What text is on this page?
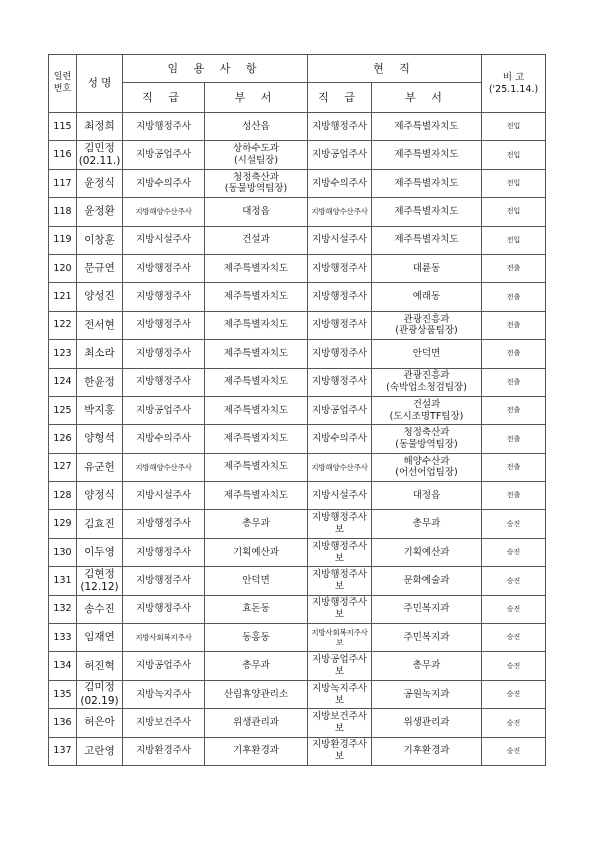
일련
번호	성 명	임 용 사 항		현 직		비 고
('25.1.14.)

		직 급	부 서	직 급	부 서	

115	최정희	지방행정주사	성산읍	지방행정주사	제주특별자치도	전입

116	김민정
(02.11.)	지방공업주사	상하수도과
(시설팀장)	지방공업주사	제주특별자치도	전입

117	윤정식	지방수의주사	청정축산과
(동물방역팀장)	지방수의주사	제주특별자치도	전입

118	윤정환	지방해양수산주사	대정읍	지방해양수산주사	제주특별자치도	전입

119	이창훈	지방시설주사	건설과	지방시설주사	제주특별자치도	전입

120	문규연	지방행정주사	제주특별자치도	지방행정주사	대륜동	전출

121	양성진	지방행정주사	제주특별자치도	지방행정주사	예래동	전출

122	전서현	지방행정주사	제주특별자치도	지방행정주사	관광진흥과
(관광상품팀장)	전출

123	최소라	지방행정주사	제주특별자치도	지방행정주사	안덕면	전출

124	한윤정	지방행정주사	제주특별자치도	지방행정주사	관광진흥과
(숙박업소청검팀장)	전출

125	박지홍	지방공업주사	제주특별자치도	지방공업주사	건설과
(도시조명TF팀장)	전출

126	양형석	지방수의주사	제주특별자치도	지방수의주사	청정축산과
(동물방역팀장)	전출

127	유군헌	지방해양수산주사	제주특별자치도	지방해양수산주사	해양수산과
(어선어업팀장)	전출

128	양정식	지방시설주사	제주특별자치도	지방시설주사	대정읍	전출

129	김효진	지방행정주사	총무과	지방행정주사보	총무과	승진

130	이두영	지방행정주사	기획예산과	지방행정주사보	기획예산과	승진

131	김현정
(12.12)	지방행정주사	안덕면	지방행정주사보	문화예술과	승진

132	송수진	지방행정주사	효돈동	지방행정주사보	주민복지과	승진

133	임재연	지방사회복지주사	동홍동	지방사회복지주사보	주민복지과	승진

134	허진혁	지방공업주사	총무과	지방공업주사보	총무과	승진

135	김미정
(02.19)	지방녹지주사	산림휴양관리소	지방녹지주사보	공원녹지과	승진

136	허은아	지방보건주사	위생관리과	지방보건주사보	위생관리과	승진

137	고란영	지방환경주사	기후환경과	지방환경주사보	기후환경과	승진
